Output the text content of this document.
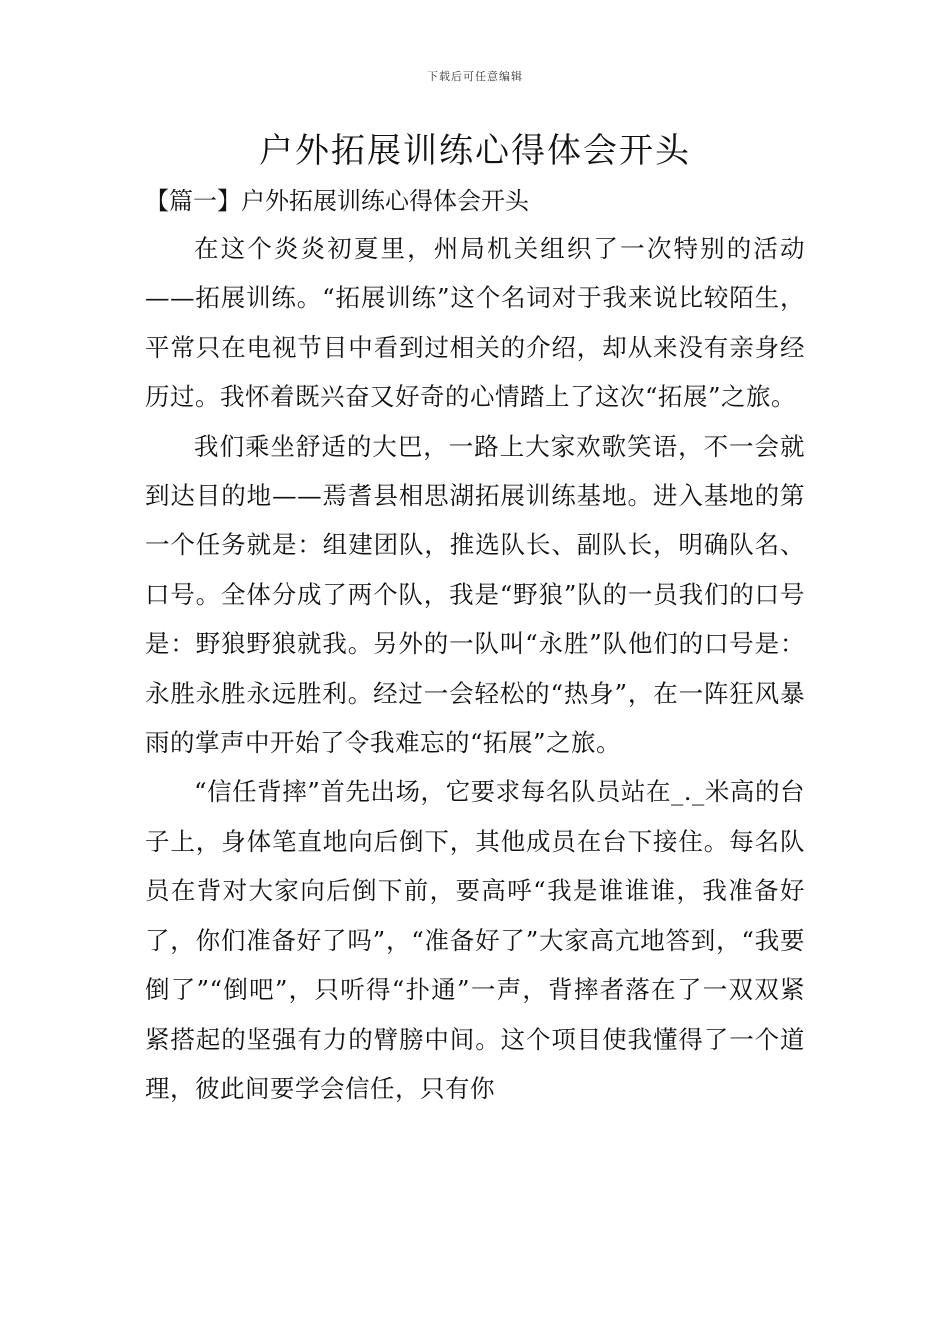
下载后可任意编辑
户外拓展训练心得体会开头
【篇一】户外拓展训练心得体会开头

在这个炎炎初夏里，州局机关组织了一次特别的活动——拓展训练。“拓展训练”这个名词对于我来说比较陌生，平常只在电视节目中看到过相关的介绍，却从来没有亲身经历过。我怀着既兴奋又好奇的心情踏上了这次“拓展”之旅。

我们乘坐舒适的大巴，一路上大家欢歌笑语，不一会就到达目的地——焉耆县相思湖拓展训练基地。进入基地的第一个任务就是：组建团队，推选队长、副队长，明确队名、口号。全体分成了两个队，我是“野狼”队的一员我们的口号是：野狼野狼就我。另外的一队叫“永胜”队他们的口号是：永胜永胜永远胜利。经过一会轻松的“热身”，在一阵狂风暴雨的掌声中开始了令我难忘的“拓展”之旅。

“信任背摔”首先出场，它要求每名队员站在_._米高的台子上，身体笔直地向后倒下，其他成员在台下接住。每名队员在背对大家向后倒下前，要高呼“我是谁谁谁，我准备好了，你们准备好了吗”，“准备好了”大家高亢地答到，“我要倒了”“倒吧”，只听得“扑通”一声，背摔者落在了一双双紧紧搭起的坚强有力的臂膀中间。这个项目使我懂得了一个道理，彼此间要学会信任，只有你
